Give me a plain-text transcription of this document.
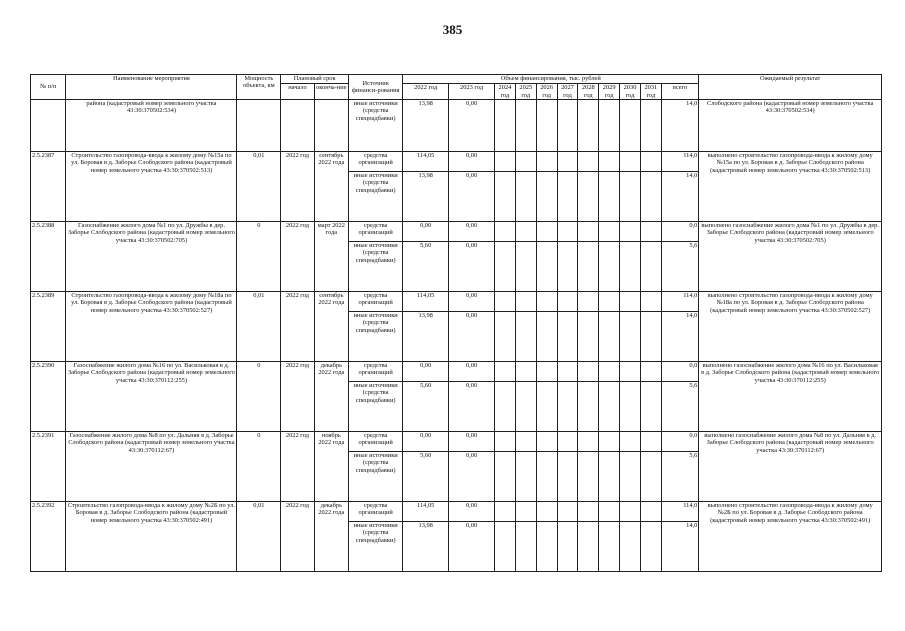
385
№ п/п	Наименование мероприятия	Мощность объекта, км	Плановый срок		Источник финанси-рования	Объем финансирования, тыс. рублей											Ожидаемый результат
			начало	оконча-ние		2022 год	2023 год	2024 год	2025 год	2026 год	2027 год	2028 год	2029 год	2030 год	2031 год	всего	

	района (кадастровый номер земельного участка 43:30:370502:534)				иные источники (средства спецнадбавки)	13,98	0,00									14,0	Слободского района (кадастровый номер земельного участка 43:30:370502:534)
2.5.2387	Строительство газопровода-ввода к жилому дому №15а по ул. Боровая в д. Заборье Слободского района (кадастровый номер земельного участка 43:30:370502:513)	0,01	2022 год	сентябрь 2022 года	средства организаций	114,05	0,00									114,0	выполнено строительство газопровода-ввода к жилому дому №15а по ул. Боровая в д. Заборье Слободского района (кадастровый номер земельного участка 43:30:370502:513)
					иные источники (средства спецнадбавки)	13,98	0,00									14,0	
2.5.2388	Газоснабжение жилого дома №1 по ул. Дружбы в дер. Заборье Слободского района (кадастровый номер земельного участка 43:30:370502:705)	0	2022 год	март 2022 года	средства организаций	0,00	0,00									0,0	выполнено газоснабжение жилого дома №1 по ул. Дружбы в дер. Заборье Слободского района (кадастровый номер земельного участка 43:30:370502:705)
					иные источники (средства спецнадбавки)	5,60	0,00									5,6	
2.5.2389	Строительство газопровода-ввода к жилому дому №18а по ул. Боровая в д. Заборье Слободского района (кадастровый номер земельного участка 43:30:370502:527)	0,01	2022 год	сентябрь 2022 года	средства организаций	114,05	0,00									114,0	выполнено строительство газопровода-ввода к жилому дому №18а по ул. Боровая в д. Заборье Слободского района (кадастровый номер земельного участка 43:30:370502:527)
					иные источники (средства спецнадбавки)	13,98	0,00									14,0	
2.5.2390	Газоснабжение жилого дома №16 по ул. Васильковая в д. Заборье Слободского района (кадастровый номер земельного участка 43:30:370112:255)	0	2022 год	декабрь 2022 года	средства организаций	0,00	0,00									0,0	выполнено газоснабжение жилого дома №16 по ул. Васильковая в д. Заборье Слободского района (кадастровый номер земельного участка 43:30:370112:255)
					иные источники (средства спецнадбавки)	5,60	0,00									5,6	
2.5.2391	Газоснабжение жилого дома №8 по ул. Дальняя в д. Заборье Слободского района (кадастровый номер земельного участка 43:30:370112:67)	0	2022 год	ноябрь 2022 года	средства организаций	0,00	0,00									0,0	выполнено газоснабжение жилого дома №8 по ул. Дальняя в д. Заборье Слободского района (кадастровый номер земельного участка 43:30:370112:67)
					иные источники (средства спецнадбавки)	5,60	0,00									5,6	
2.5.2392	Строительство газопровода-ввода к жилому дому №2Б по ул. Боровая в д. Заборье Слободского района (кадастровый номер земельного участка 43:30:370502:491)	0,01	2022 год	декабрь 2022 года	средства организаций	114,05	0,00									114,0	выполнено строительство газопровода-ввода к жилому дому №2Б по ул. Боровая в д. Заборье Слободского района (кадастровый номер земельного участка 43:30:370502:491)
					иные источники (средства спецнадбавки)	13,98	0,00									14,0	
